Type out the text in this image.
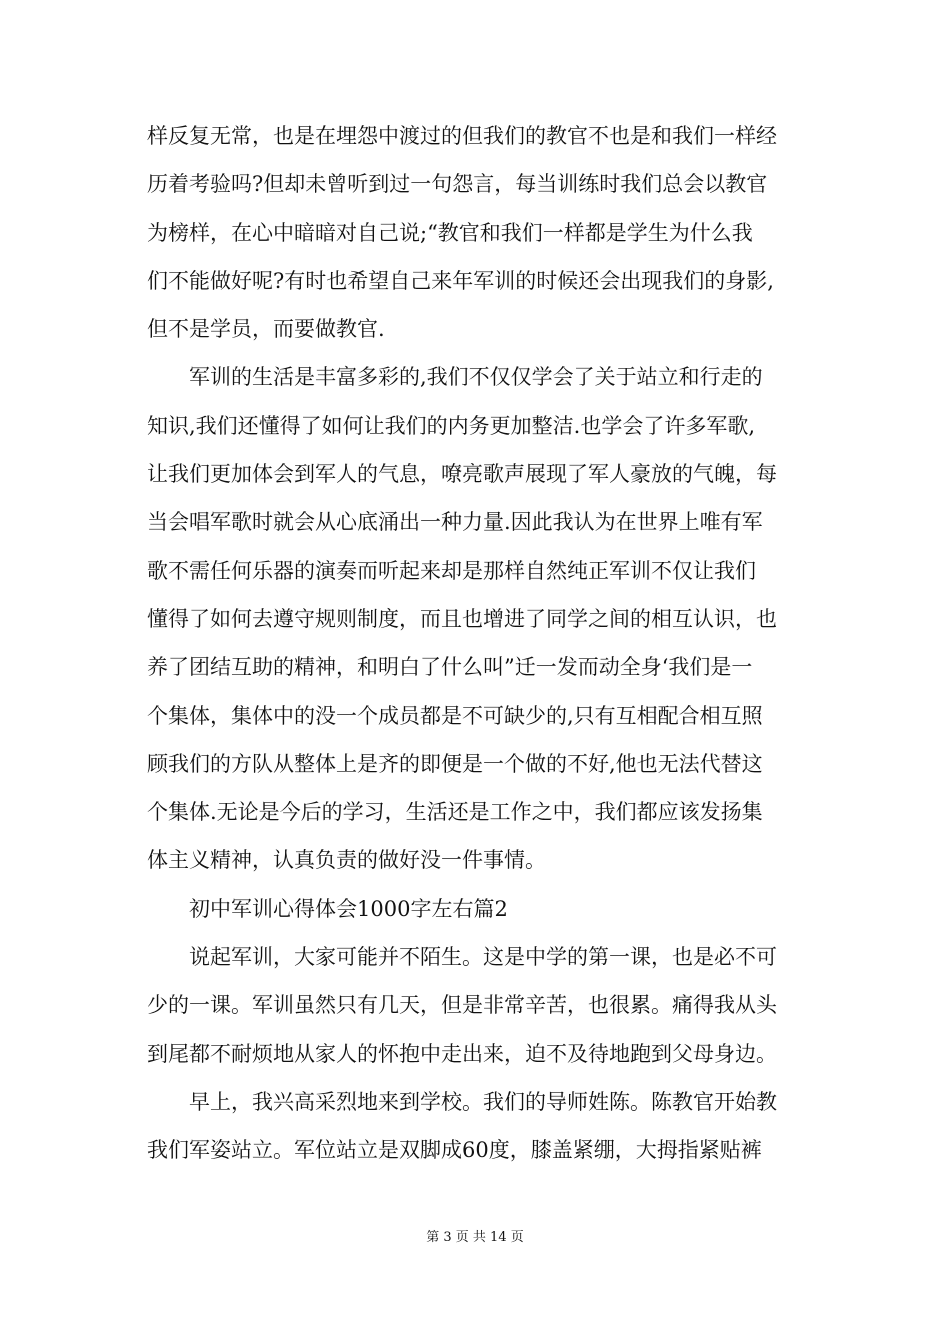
样反复无常，也是在埋怨中渡过的但我们的教官不也是和我们一样经
历着考验吗?但却未曾听到过一句怨言，每当训练时我们总会以教官
为榜样，在心中暗暗对自己说;“教官和我们一样都是学生为什么我
们不能做好呢?有时也希望自己来年军训的时候还会出现我们的身影,
但不是学员，而要做教官.
军训的生活是丰富多彩的,我们不仅仅学会了关于站立和行走的
知识,我们还懂得了如何让我们的内务更加整洁.也学会了许多军歌,
让我们更加体会到军人的气息，嘹亮歌声展现了军人豪放的气魄，每
当会唱军歌时就会从心底涌出一种力量.因此我认为在世界上唯有军
歌不需任何乐器的演奏而听起来却是那样自然纯正军训不仅让我们
懂得了如何去遵守规则制度，而且也增进了同学之间的相互认识，也
养了团结互助的精神，和明白了什么叫”迁一发而动全身‘我们是一
个集体，集体中的没一个成员都是不可缺少的,只有互相配合相互照
顾我们的方队从整体上是齐的即便是一个做的不好,他也无法代替这
个集体.无论是今后的学习，生活还是工作之中，我们都应该发扬集
体主义精神，认真负责的做好没一件事情。
初中军训心得体会1000字左右篇2
说起军训，大家可能并不陌生。这是中学的第一课，也是必不可
少的一课。军训虽然只有几天，但是非常辛苦，也很累。痛得我从头
到尾都不耐烦地从家人的怀抱中走出来，迫不及待地跑到父母身边。
早上，我兴高采烈地来到学校。我们的导师姓陈。陈教官开始教
我们军姿站立。军位站立是双脚成60度，膝盖紧绷，大拇指紧贴裤
第 3 页 共 14 页
